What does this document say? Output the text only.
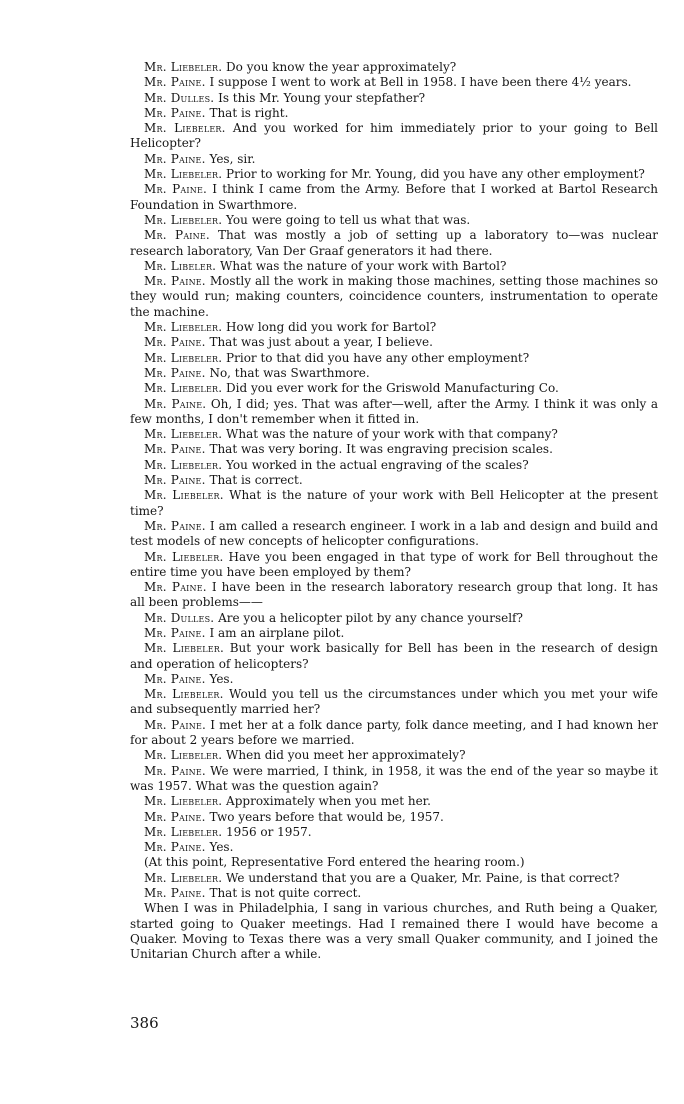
Mr. Liebeler. Do you know the year approximately?

Mr. Paine. I suppose I went to work at Bell in 1958. I have been there 4½ years.

Mr. Dulles. Is this Mr. Young your stepfather?

Mr. Paine. That is right.

Mr. Liebeler. And you worked for him immediately prior to your going to Bell Helicopter?

Mr. Paine. Yes, sir.

Mr. Liebeler. Prior to working for Mr. Young, did you have any other employment?

Mr. Paine. I think I came from the Army. Before that I worked at Bartol Research Foundation in Swarthmore.

Mr. Liebeler. You were going to tell us what that was.

Mr. Paine. That was mostly a job of setting up a laboratory to—was nuclear research laboratory, Van Der Graaf generators it had there.

Mr. Libeler. What was the nature of your work with Bartol?

Mr. Paine. Mostly all the work in making those machines, setting those machines so they would run; making counters, coincidence counters, instrumentation to operate the machine.

Mr. Liebeler. How long did you work for Bartol?

Mr. Paine. That was just about a year, I believe.

Mr. Liebeler. Prior to that did you have any other employment?

Mr. Paine. No, that was Swarthmore.

Mr. Liebeler. Did you ever work for the Griswold Manufacturing Co.

Mr. Paine. Oh, I did; yes. That was after—well, after the Army. I think it was only a few months, I don't remember when it fitted in.

Mr. Liebeler. What was the nature of your work with that company?

Mr. Paine. That was very boring. It was engraving precision scales.

Mr. Liebeler. You worked in the actual engraving of the scales?

Mr. Paine. That is correct.

Mr. Liebeler. What is the nature of your work with Bell Helicopter at the present time?

Mr. Paine. I am called a research engineer. I work in a lab and design and build and test models of new concepts of helicopter configurations.

Mr. Liebeler. Have you been engaged in that type of work for Bell throughout the entire time you have been employed by them?

Mr. Paine. I have been in the research laboratory research group that long. It has all been problems——

Mr. Dulles. Are you a helicopter pilot by any chance yourself?

Mr. Paine. I am an airplane pilot.

Mr. Liebeler. But your work basically for Bell has been in the research of design and operation of helicopters?

Mr. Paine. Yes.

Mr. Liebeler. Would you tell us the circumstances under which you met your wife and subsequently married her?

Mr. Paine. I met her at a folk dance party, folk dance meeting, and I had known her for about 2 years before we married.

Mr. Liebeler. When did you meet her approximately?

Mr. Paine. We were married, I think, in 1958, it was the end of the year so maybe it was 1957. What was the question again?

Mr. Liebeler. Approximately when you met her.

Mr. Paine. Two years before that would be, 1957.

Mr. Liebeler. 1956 or 1957.

Mr. Paine. Yes.

(At this point, Representative Ford entered the hearing room.)

Mr. Liebeler. We understand that you are a Quaker, Mr. Paine, is that correct?

Mr. Paine. That is not quite correct.

When I was in Philadelphia, I sang in various churches, and Ruth being a Quaker, started going to Quaker meetings. Had I remained there I would have become a Quaker. Moving to Texas there was a very small Quaker community, and I joined the Unitarian Church after a while.

386
